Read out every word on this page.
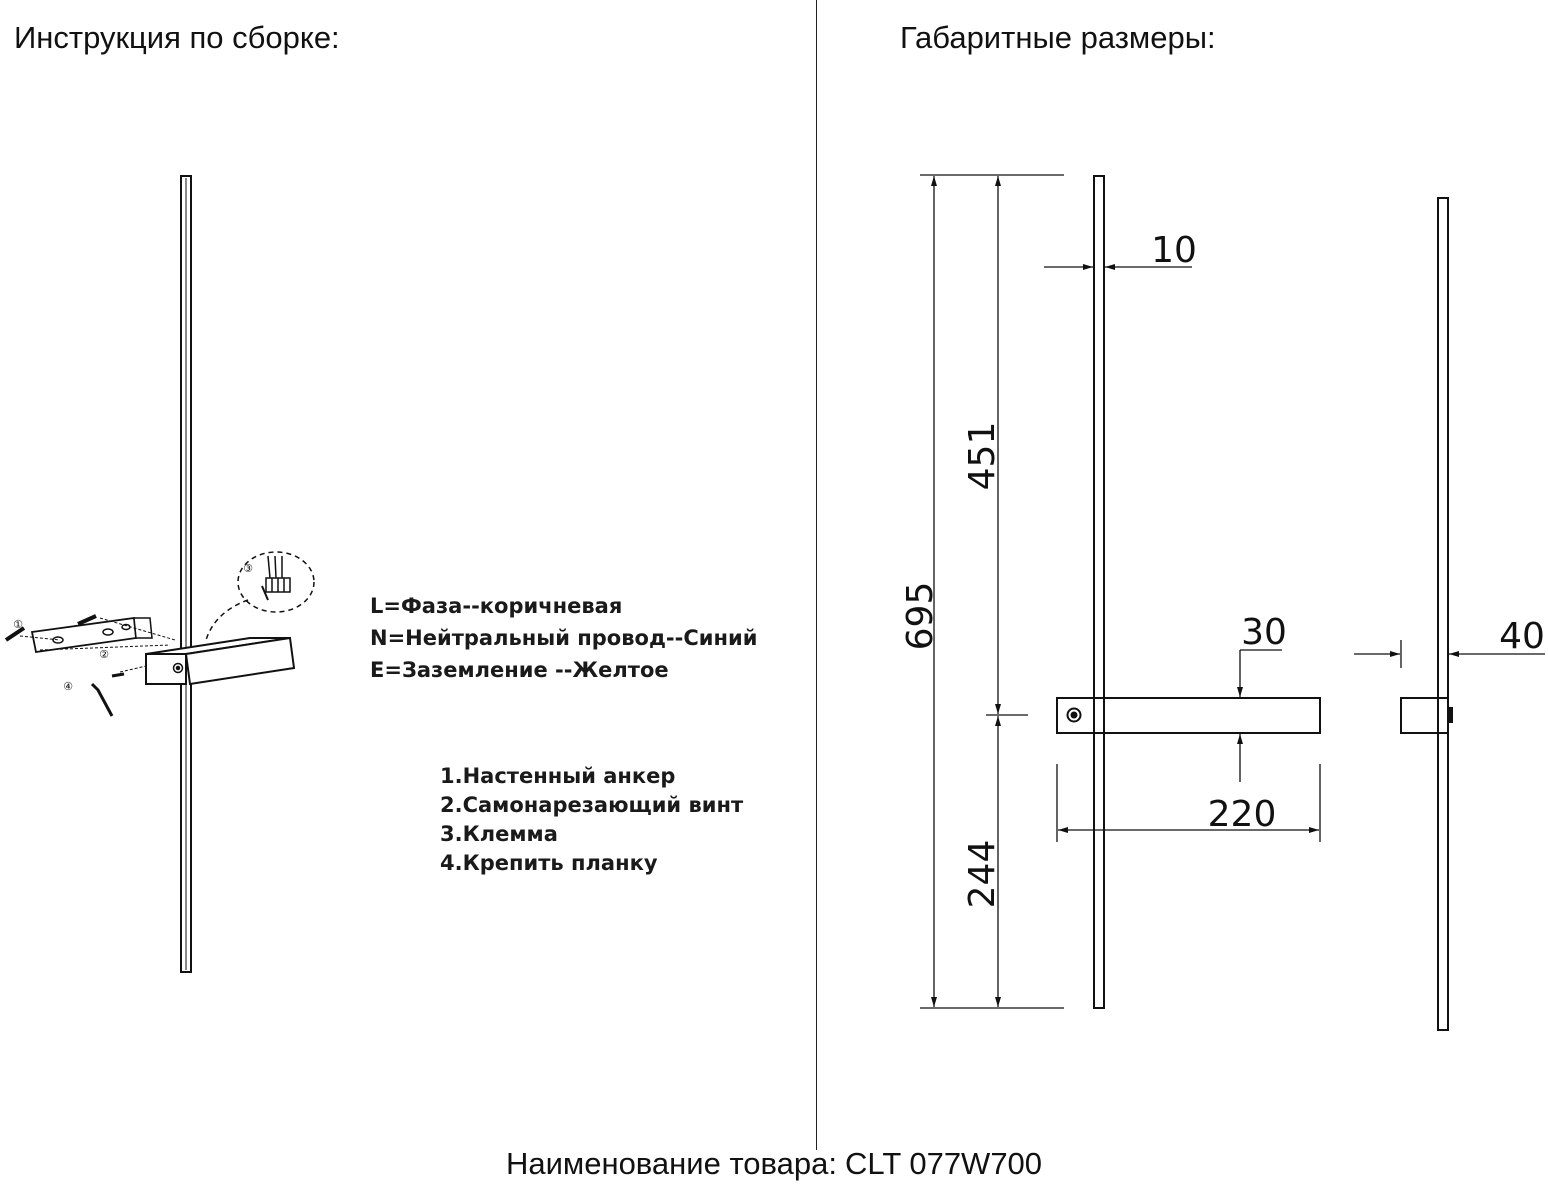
Инструкция по сборке:	Габаритные размеры:
①
②
③
④
695
451
244
10
30
220
40
L=Фаза--коричневая
N=Нейтральный провод--Синий
E=Заземление --Желтое
1.Настенный анкер
2.Самонарезающий винт
3.Клемма
4.Крепить планку
Наименование товара: CLT 077W700
